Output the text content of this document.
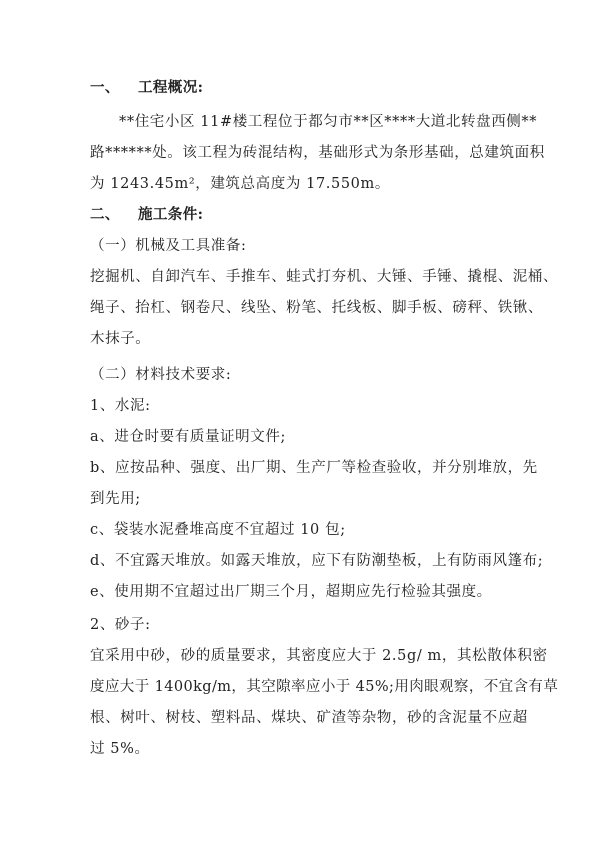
一、 工程概况:
**住宅小区 11#楼工程位于都匀市**区****大道北转盘西侧**
路******处。该工程为砖混结构，基础形式为条形基础，总建筑面积
为 1243.45m²，建筑总高度为 17.550m。
二、 施工条件:
（一）机械及工具准备:
挖掘机、自卸汽车、手推车、蛙式打夯机、大锤、手锤、撬棍、泥桶、
绳子、抬杠、钢卷尺、线坠、粉笔、托线板、脚手板、磅秤、铁锹、
木抹子。
（二）材料技术要求:
1、水泥:
a、进仓时要有质量证明文件;
b、应按品种、强度、出厂期、生产厂等检查验收，并分别堆放，先
到先用;
c、袋装水泥叠堆高度不宜超过 10 包;
d、不宜露天堆放。如露天堆放，应下有防潮垫板，上有防雨风篷布;
e、使用期不宜超过出厂期三个月，超期应先行检验其强度。
2、砂子:
宜采用中砂，砂的质量要求，其密度应大于 2.5g/ m，其松散体积密
度应大于 1400kg/m，其空隙率应小于 45%;用肉眼观察，不宜含有草
根、树叶、树枝、塑料品、煤块、矿渣等杂物，砂的含泥量不应超
过 5%。
